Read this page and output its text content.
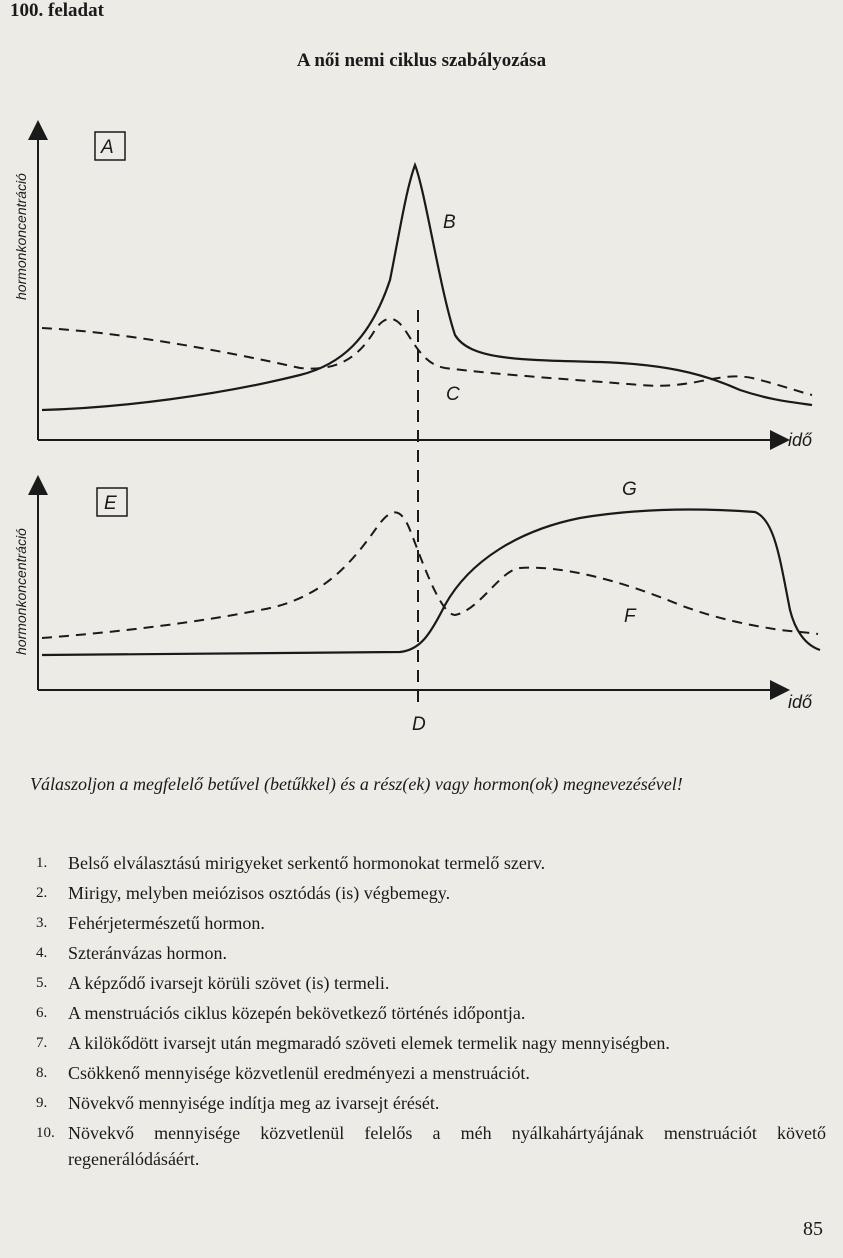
100. feladat
A női nemi ciklus szabályozása
hormonkoncentráció
idő
A
B
C
D
hormonkoncentráció
idő
E
G
F
Válaszoljon a megfelelő betűvel (betűkkel) és a rész(ek) vagy hormon(ok) megnevezésével!
1. Belső elválasztású mirigyeket serkentő hormonokat termelő szerv.
2. Mirigy, melyben meiózisos osztódás (is) végbemegy.
3. Fehérjetermészetű hormon.
4. Szteránvázas hormon.
5. A képződő ivarsejt körüli szövet (is) termeli.
6. A menstruációs ciklus közepén bekövetkező történés időpontja.
7. A kilökődött ivarsejt után megmaradó szöveti elemek termelik nagy mennyiségben.
8. Csökkenő mennyisége közvetlenül eredményezi a menstruációt.
9. Növekvő mennyisége indítja meg az ivarsejt érését.
10. Növekvő mennyisége közvetlenül felelős a méh nyálkahártyájának menstruációt követő regenerálódásáért.
85
